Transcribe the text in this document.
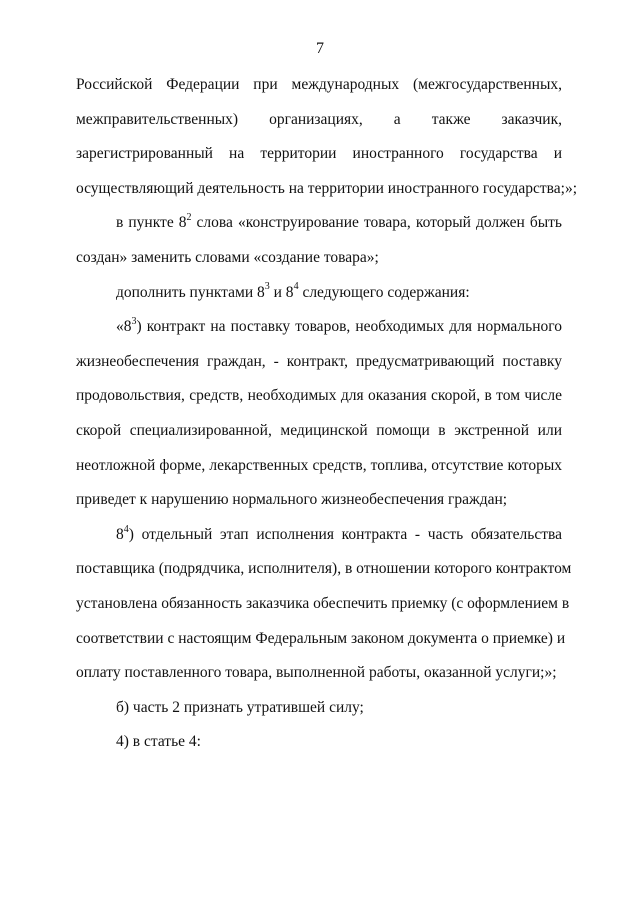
7
Российской Федерации при международных (межгосударственных,
межправительственных) организациях, а также заказчик,
зарегистрированный на территории иностранного государства и
осуществляющий деятельность на территории иностранного государства;»;
в пункте $8^2$ слова «конструирование товара, который должен быть
создан» заменить словами «создание товара»;
дополнить пунктами $8^3$ и $8^4$ следующего содержания:
«$8^3$) контракт на поставку товаров, необходимых для нормального
жизнеобеспечения граждан, - контракт, предусматривающий поставку
продовольствия, средств, необходимых для оказания скорой, в том числе
скорой специализированной, медицинской помощи в экстренной или
неотложной форме, лекарственных средств, топлива, отсутствие которых
приведет к нарушению нормального жизнеобеспечения граждан;
$8^4$) отдельный этап исполнения контракта - часть обязательства
поставщика (подрядчика, исполнителя), в отношении которого контрактом
установлена обязанность заказчика обеспечить приемку (с оформлением в
соответствии с настоящим Федеральным законом документа о приемке) и
оплату поставленного товара, выполненной работы, оказанной услуги;»;
б) часть 2 признать утратившей силу;
4) в статье 4:
